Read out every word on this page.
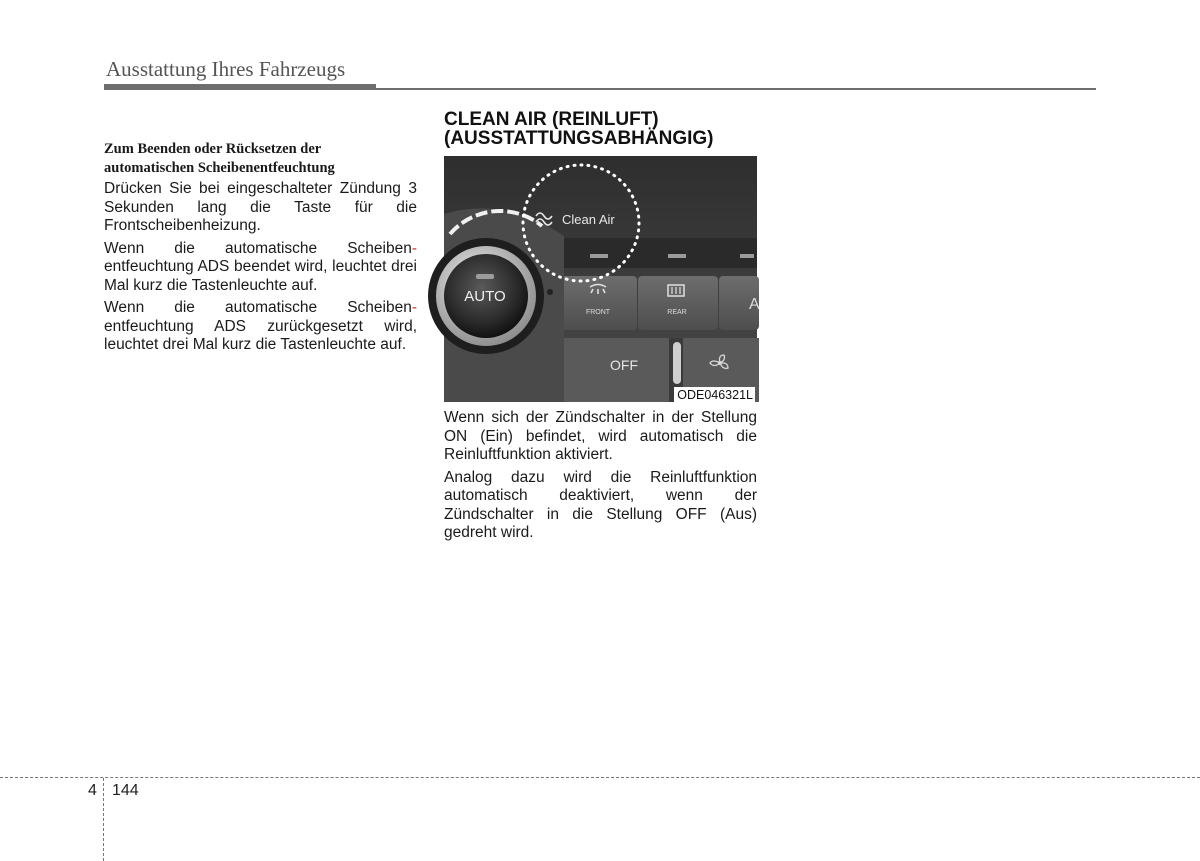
Ausstattung Ihres Fahrzeugs

Zum Beenden oder Rücksetzen der
automatischen Scheibenentfeuchtung

Drücken Sie bei eingeschalteter Zündung 3 Sekunden lang die Taste für die Frontscheibenheizung.

Wenn die automatische Scheiben- entfeuchtung ADS beendet wird, leuchtet drei Mal kurz die Tastenleuchte auf.

Wenn die automatische Scheiben- entfeuchtung ADS zurückgesetzt wird, leuchtet drei Mal kurz die Tastenleuchte auf.

CLEAN AIR (REINLUFT)
(AUSSTATTUNGSABHÄNGIG)
FRONT	REAR	A
OFF
AUTO
Clean Air
ODE046321L

Wenn sich der Zündschalter in der Stellung ON (Ein) befindet, wird automatisch die Reinluftfunktion aktiviert.

Analog dazu wird die Reinluftfunktion automatisch deaktiviert, wenn der Zündschalter in die Stellung OFF (Aus) gedreht wird.

4 144
